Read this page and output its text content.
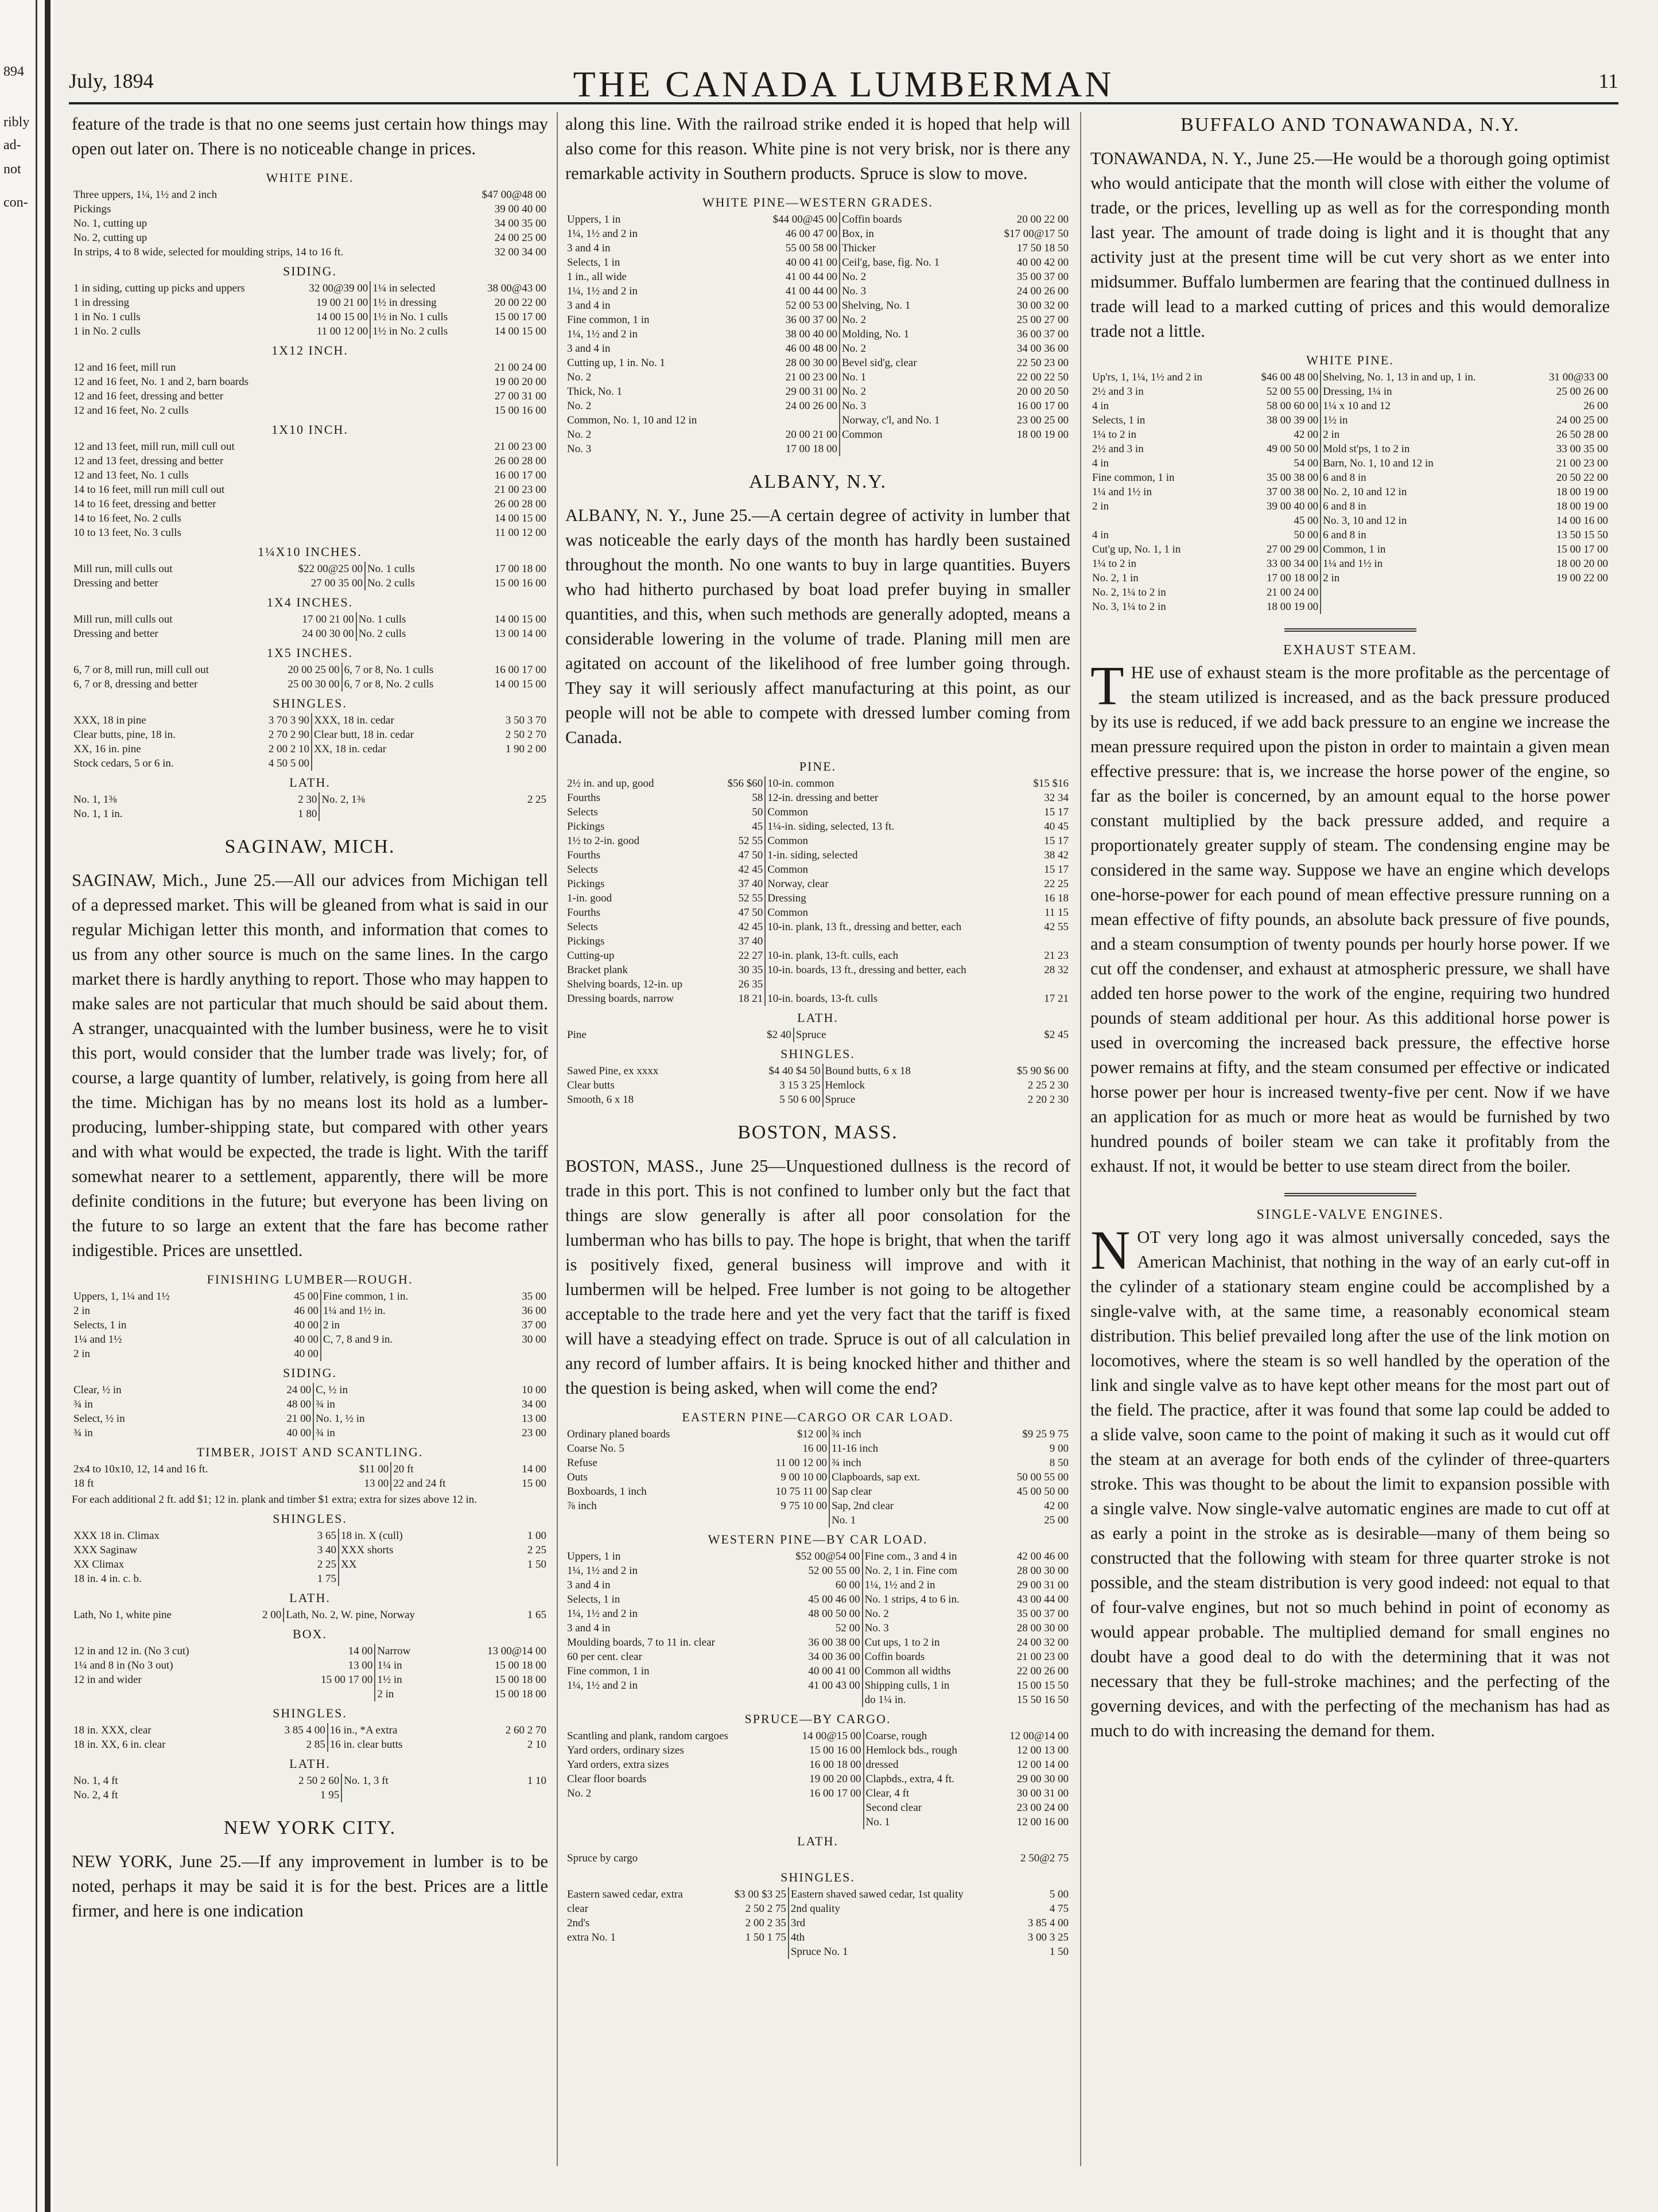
894
ribly
ad-
not
con-
July, 1894	THE CANADA LUMBERMAN	11

feature of the trade is that no one seems just certain how things may open out later on. There is no noticeable change in prices.

WHITE PINE.
Three uppers, 1¼, 1½ and 2 inch	$47 00@48 00
Pickings	39 00 40 00
No. 1, cutting up	34 00 35 00
No. 2, cutting up	24 00 25 00
In strips, 4 to 8 wide, selected for moulding strips, 14 to 16 ft.	32 00 34 00
SIDING.
1 in siding, cutting up picks and uppers	32 00@39 00	1¼ in selected	38 00@43 00
1 in dressing	19 00 21 00	1½ in dressing	20 00 22 00
1 in No. 1 culls	14 00 15 00	1½ in No. 1 culls	15 00 17 00
1 in No. 2 culls	11 00 12 00	1½ in No. 2 culls	14 00 15 00
1X12 INCH.
12 and 16 feet, mill run	21 00 24 00
12 and 16 feet, No. 1 and 2, barn boards	19 00 20 00
12 and 16 feet, dressing and better	27 00 31 00
12 and 16 feet, No. 2 culls	15 00 16 00
1X10 INCH.
12 and 13 feet, mill run, mill cull out	21 00 23 00
12 and 13 feet, dressing and better	26 00 28 00
12 and 13 feet, No. 1 culls	16 00 17 00
14 to 16 feet, mill run mill cull out	21 00 23 00
14 to 16 feet, dressing and better	26 00 28 00
14 to 16 feet, No. 2 culls	14 00 15 00
10 to 13 feet, No. 3 culls	11 00 12 00
1¼X10 INCHES.
Mill run, mill culls out	$22 00@25 00	No. 1 culls	17 00 18 00
Dressing and better	27 00 35 00	No. 2 culls	15 00 16 00
1X4 INCHES.
Mill run, mill culls out	17 00 21 00	No. 1 culls	14 00 15 00
Dressing and better	24 00 30 00	No. 2 culls	13 00 14 00
1X5 INCHES.
6, 7 or 8, mill run, mill cull out	20 00 25 00	6, 7 or 8, No. 1 culls	16 00 17 00
6, 7 or 8, dressing and better	25 00 30 00	6, 7 or 8, No. 2 culls	14 00 15 00
SHINGLES.
XXX, 18 in pine	3 70 3 90	XXX, 18 in. cedar	3 50 3 70
Clear butts, pine, 18 in.	2 70 2 90	Clear butt, 18 in. cedar	2 50 2 70
XX, 16 in. pine	2 00 2 10	XX, 18 in. cedar	1 90 2 00
Stock cedars, 5 or 6 in.	4 50 5 00		
LATH.
No. 1, 1⅜	2 30	No. 2, 1⅜	2 25
No. 1, 1 in.	1 80		
SAGINAW, MICH.

SAGINAW, Mich., June 25.—All our advices from Michigan tell of a depressed market. This will be gleaned from what is said in our regular Michigan letter this month, and information that comes to us from any other source is much on the same lines. In the cargo market there is hardly anything to report. Those who may happen to make sales are not particular that much should be said about them. A stranger, unacquainted with the lumber business, were he to visit this port, would consider that the lumber trade was lively; for, of course, a large quantity of lumber, relatively, is going from here all the time. Michigan has by no means lost its hold as a lumber-producing, lumber-shipping state, but compared with other years and with what would be expected, the trade is light. With the tariff somewhat nearer to a settlement, apparently, there will be more definite conditions in the future; but everyone has been living on the future to so large an extent that the fare has become rather indigestible. Prices are unsettled.

FINISHING LUMBER—ROUGH.
Uppers, 1, 1¼ and 1½	45 00	Fine common, 1 in.	35 00
2 in	46 00	1¼ and 1½ in.	36 00
Selects, 1 in	40 00	2 in	37 00
1¼ and 1½	40 00	C, 7, 8 and 9 in.	30 00
2 in	40 00		
SIDING.
Clear, ½ in	24 00	C, ½ in	10 00
¾ in	48 00	¾ in	34 00
Select, ½ in	21 00	No. 1, ½ in	13 00
¾ in	40 00	¾ in	23 00
TIMBER, JOIST AND SCANTLING.
2x4 to 10x10, 12, 14 and 16 ft.	$11 00	20 ft	14 00
18 ft	13 00	22 and 24 ft	15 00
For each additional 2 ft. add $1; 12 in. plank and timber $1 extra; extra for sizes above 12 in.
SHINGLES.
XXX 18 in. Climax	3 65	18 in. X (cull)	1 00
XXX Saginaw	3 40	XXX shorts	2 25
XX Climax	2 25	XX	1 50
18 in. 4 in. c. b.	1 75		
LATH.
Lath, No 1, white pine	2 00	Lath, No. 2, W. pine, Norway	1 65
BOX.
12 in and 12 in. (No 3 cut)	14 00	Narrow	13 00@14 00
1¼ and 8 in (No 3 out)	13 00	1¼ in	15 00 18 00
12 in and wider	15 00 17 00	1½ in	15 00 18 00
		2 in	15 00 18 00
SHINGLES.
18 in. XXX, clear	3 85 4 00	16 in., *A extra	2 60 2 70
18 in. XX, 6 in. clear	2 85	16 in. clear butts	2 10
LATH.
No. 1, 4 ft	2 50 2 60	No. 1, 3 ft	1 10
No. 2, 4 ft	1 95		
NEW YORK CITY.

NEW YORK, June 25.—If any improvement in lumber is to be noted, perhaps it may be said it is for the best. Prices are a little firmer, and here is one indication

along this line. With the railroad strike ended it is hoped that help will also come for this reason. White pine is not very brisk, nor is there any remarkable activity in Southern products. Spruce is slow to move.

WHITE PINE—WESTERN GRADES.
Uppers, 1 in	$44 00@45 00	Coffin boards	20 00 22 00
1¼, 1½ and 2 in	46 00 47 00	Box, in	$17 00@17 50
3 and 4 in	55 00 58 00	Thicker	17 50 18 50
Selects, 1 in	40 00 41 00	Ceil'g, base, fig. No. 1	40 00 42 00
1 in., all wide	41 00 44 00	No. 2	35 00 37 00
1¼, 1½ and 2 in	41 00 44 00	No. 3	24 00 26 00
3 and 4 in	52 00 53 00	Shelving, No. 1	30 00 32 00
Fine common, 1 in	36 00 37 00	No. 2	25 00 27 00
1¼, 1½ and 2 in	38 00 40 00	Molding, No. 1	36 00 37 00
3 and 4 in	46 00 48 00	No. 2	34 00 36 00
Cutting up, 1 in. No. 1	28 00 30 00	Bevel sid'g, clear	22 50 23 00
No. 2	21 00 23 00	No. 1	22 00 22 50
Thick, No. 1	29 00 31 00	No. 2	20 00 20 50
No. 2	24 00 26 00	No. 3	16 00 17 00
Common, No. 1, 10 and 12 in		Norway, c'l, and No. 1	23 00 25 00
No. 2	20 00 21 00	Common	18 00 19 00
No. 3	17 00 18 00		
ALBANY, N.Y.

ALBANY, N. Y., June 25.—A certain degree of activity in lumber that was noticeable the early days of the month has hardly been sustained throughout the month. No one wants to buy in large quantities. Buyers who had hitherto purchased by boat load prefer buying in smaller quantities, and this, when such methods are generally adopted, means a considerable lowering in the volume of trade. Planing mill men are agitated on account of the likelihood of free lumber going through. They say it will seriously affect manufacturing at this point, as our people will not be able to compete with dressed lumber coming from Canada.

PINE.
2½ in. and up, good	$56 $60	10-in. common	$15 $16
Fourths	58	12-in. dressing and better	32 34
Selects	50	Common	15 17
Pickings	45	1¼-in. siding, selected, 13 ft.	40 45
1½ to 2-in. good	52 55	Common	15 17
Fourths	47 50	1-in. siding, selected	38 42
Selects	42 45	Common	15 17
Pickings	37 40	Norway, clear	22 25
1-in. good	52 55	Dressing	16 18
Fourths	47 50	Common	11 15
Selects	42 45	10-in. plank, 13 ft., dressing and better, each	42 55
Pickings	37 40		
Cutting-up	22 27	10-in. plank, 13-ft. culls, each	21 23
Bracket plank	30 35	10-in. boards, 13 ft., dressing and better, each	28 32
Shelving boards, 12-in. up	26 35		
Dressing boards, narrow	18 21	10-in. boards, 13-ft. culls	17 21
LATH.
Pine	$2 40	Spruce	$2 45
SHINGLES.
Sawed Pine, ex xxxx	$4 40 $4 50	Bound butts, 6 x 18	$5 90 $6 00
Clear butts	3 15 3 25	Hemlock	2 25 2 30
Smooth, 6 x 18	5 50 6 00	Spruce	2 20 2 30
BOSTON, MASS.

BOSTON, MASS., June 25—Unquestioned dullness is the record of trade in this port. This is not confined to lumber only but the fact that things are slow generally is after all poor consolation for the lumberman who has bills to pay. The hope is bright, that when the tariff is positively fixed, general business will improve and with it lumbermen will be helped. Free lumber is not going to be altogether acceptable to the trade here and yet the very fact that the tariff is fixed will have a steadying effect on trade. Spruce is out of all calculation in any record of lumber affairs. It is being knocked hither and thither and the question is being asked, when will come the end?

EASTERN PINE—CARGO OR CAR LOAD.
Ordinary planed boards	$12 00	¾ inch	$9 25 9 75
Coarse No. 5	16 00	11-16 inch	9 00
Refuse	11 00 12 00	¾ inch	8 50
Outs	9 00 10 00	Clapboards, sap ext.	50 00 55 00
Boxboards, 1 inch	10 75 11 00	Sap clear	45 00 50 00
⅞ inch	9 75 10 00	Sap, 2nd clear	42 00
		No. 1	25 00
WESTERN PINE—BY CAR LOAD.
Uppers, 1 in	$52 00@54 00	Fine com., 3 and 4 in	42 00 46 00
1¼, 1½ and 2 in	52 00 55 00	No. 2, 1 in. Fine com	28 00 30 00
3 and 4 in	60 00	1¼, 1½ and 2 in	29 00 31 00
Selects, 1 in	45 00 46 00	No. 1 strips, 4 to 6 in.	43 00 44 00
1¼, 1½ and 2 in	48 00 50 00	No. 2	35 00 37 00
3 and 4 in	52 00	No. 3	28 00 30 00
Moulding boards, 7 to 11 in. clear	36 00 38 00	Cut ups, 1 to 2 in	24 00 32 00
60 per cent. clear	34 00 36 00	Coffin boards	21 00 23 00
Fine common, 1 in	40 00 41 00	Common all widths	22 00 26 00
1¼, 1½ and 2 in	41 00 43 00	Shipping culls, 1 in	15 00 15 50
		do 1¼ in.	15 50 16 50
SPRUCE—BY CARGO.
Scantling and plank, random cargoes	14 00@15 00	Coarse, rough	12 00@14 00
Yard orders, ordinary sizes	15 00 16 00	Hemlock bds., rough	12 00 13 00
Yard orders, extra sizes	16 00 18 00	dressed	12 00 14 00
Clear floor boards	19 00 20 00	Clapbds., extra, 4 ft.	29 00 30 00
No. 2	16 00 17 00	Clear, 4 ft	30 00 31 00
		Second clear	23 00 24 00
		No. 1	12 00 16 00
LATH.
Spruce by cargo	2 50@2 75
SHINGLES.
Eastern sawed cedar, extra	$3 00 $3 25	Eastern shaved sawed cedar, 1st quality	5 00
clear	2 50 2 75	2nd quality	4 75
2nd's	2 00 2 35	3rd	3 85 4 00
extra No. 1	1 50 1 75	4th	3 00 3 25
		Spruce No. 1	1 50
BUFFALO AND TONAWANDA, N.Y.

TONAWANDA, N. Y., June 25.—He would be a thorough going optimist who would anticipate that the month will close with either the volume of trade, or the prices, levelling up as well as for the corresponding month last year. The amount of trade doing is light and it is thought that any activity just at the present time will be cut very short as we enter into midsummer. Buffalo lumbermen are fearing that the continued dullness in trade will lead to a marked cutting of prices and this would demoralize trade not a little.

WHITE PINE.
Up'rs, 1, 1¼, 1½ and 2 in	$46 00 48 00	Shelving, No. 1, 13 in and up, 1 in.	31 00@33 00
2½ and 3 in	52 00 55 00	Dressing, 1¼ in	25 00 26 00
4 in	58 00 60 00	1¼ x 10 and 12	26 00
Selects, 1 in	38 00 39 00	1½ in	24 00 25 00
1¼ to 2 in	42 00	2 in	26 50 28 00
2½ and 3 in	49 00 50 00	Mold st'ps, 1 to 2 in	33 00 35 00
4 in	54 00	Barn, No. 1, 10 and 12 in	21 00 23 00
Fine common, 1 in	35 00 38 00	6 and 8 in	20 50 22 00
1¼ and 1½ in	37 00 38 00	No. 2, 10 and 12 in	18 00 19 00
2 in	39 00 40 00	6 and 8 in	18 00 19 00
	45 00	No. 3, 10 and 12 in	14 00 16 00
4 in	50 00	6 and 8 in	13 50 15 50
Cut'g up, No. 1, 1 in	27 00 29 00	Common, 1 in	15 00 17 00
1¼ to 2 in	33 00 34 00	1¼ and 1½ in	18 00 20 00
No. 2, 1 in	17 00 18 00	2 in	19 00 22 00
No. 2, 1¼ to 2 in	21 00 24 00		
No. 3, 1¼ to 2 in	18 00 19 00		
EXHAUST STEAM.
THE use of exhaust steam is the more profitable as the percentage of the steam utilized is increased, and as the back pressure produced by its use is reduced, if we add back pressure to an engine we increase the mean pressure required upon the piston in order to maintain a given mean effective pressure: that is, we increase the horse power of the engine, so far as the boiler is concerned, by an amount equal to the horse power constant multiplied by the back pressure added, and require a proportionately greater supply of steam. The condensing engine may be considered in the same way. Suppose we have an engine which develops one-horse-power for each pound of mean effective pressure running on a mean effective of fifty pounds, an absolute back pressure of five pounds, and a steam consumption of twenty pounds per hourly horse power. If we cut off the condenser, and exhaust at atmospheric pressure, we shall have added ten horse power to the work of the engine, requiring two hundred pounds of steam additional per hour. As this additional horse power is used in overcoming the increased back pressure, the effective horse power remains at fifty, and the steam consumed per effective or indicated horse power per hour is increased twenty-five per cent. Now if we have an application for as much or more heat as would be furnished by two hundred pounds of boiler steam we can take it profitably from the exhaust. If not, it would be better to use steam direct from the boiler.
SINGLE-VALVE ENGINES.
NOT very long ago it was almost universally conceded, says the American Machinist, that nothing in the way of an early cut-off in the cylinder of a stationary steam engine could be accomplished by a single-valve with, at the same time, a reasonably economical steam distribution. This belief prevailed long after the use of the link motion on locomotives, where the steam is so well handled by the operation of the link and single valve as to have kept other means for the most part out of the field. The practice, after it was found that some lap could be added to a slide valve, soon came to the point of making it such as it would cut off the steam at an average for both ends of the cylinder of three-quarters stroke. This was thought to be about the limit to expansion possible with a single valve. Now single-valve automatic engines are made to cut off at as early a point in the stroke as is desirable—many of them being so constructed that the following with steam for three quarter stroke is not possible, and the steam distribution is very good indeed: not equal to that of four-valve engines, but not so much behind in point of economy as would appear probable. The multiplied demand for small engines no doubt have a good deal to do with the determining that it was not necessary that they be full-stroke machines; and the perfecting of the governing devices, and with the perfecting of the mechanism has had as much to do with increasing the demand for them.
